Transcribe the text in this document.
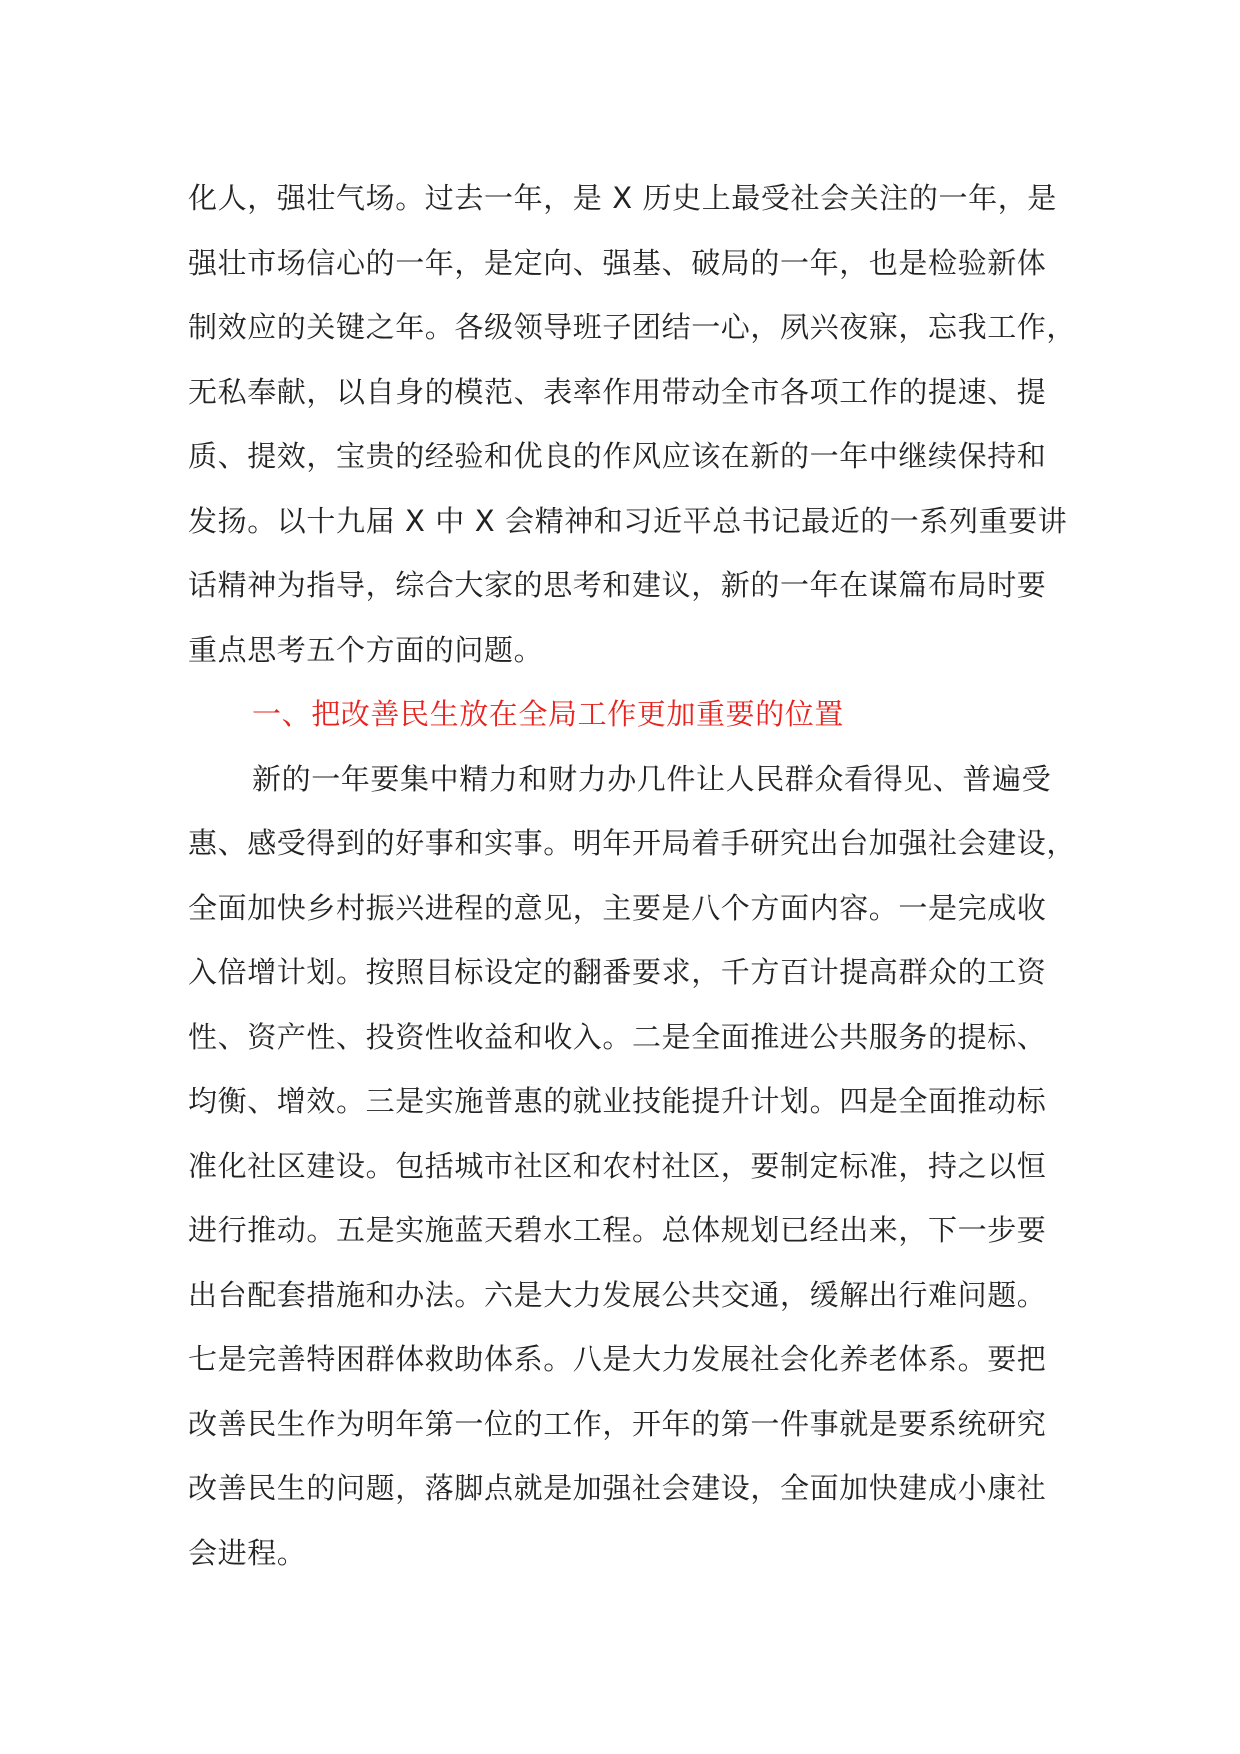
化人，强壮气场。过去一年，是 X 历史上最受社会关注的一年，是
强壮市场信心的一年，是定向、强基、破局的一年，也是检验新体
制效应的关键之年。各级领导班子团结一心，夙兴夜寐，忘我工作，
无私奉献，以自身的模范、表率作用带动全市各项工作的提速、提
质、提效，宝贵的经验和优良的作风应该在新的一年中继续保持和
发扬。以十九届 X 中 X 会精神和习近平总书记最近的一系列重要讲
话精神为指导，综合大家的思考和建议，新的一年在谋篇布局时要
重点思考五个方面的问题。
一、把改善民生放在全局工作更加重要的位置
新的一年要集中精力和财力办几件让人民群众看得见、普遍受
惠、感受得到的好事和实事。明年开局着手研究出台加强社会建设，
全面加快乡村振兴进程的意见，主要是八个方面内容。一是完成收
入倍增计划。按照目标设定的翻番要求，千方百计提高群众的工资
性、资产性、投资性收益和收入。二是全面推进公共服务的提标、
均衡、增效。三是实施普惠的就业技能提升计划。四是全面推动标
准化社区建设。包括城市社区和农村社区，要制定标准，持之以恒
进行推动。五是实施蓝天碧水工程。总体规划已经出来，下一步要
出台配套措施和办法。六是大力发展公共交通，缓解出行难问题。
七是完善特困群体救助体系。八是大力发展社会化养老体系。要把
改善民生作为明年第一位的工作，开年的第一件事就是要系统研究
改善民生的问题，落脚点就是加强社会建设，全面加快建成小康社
会进程。
